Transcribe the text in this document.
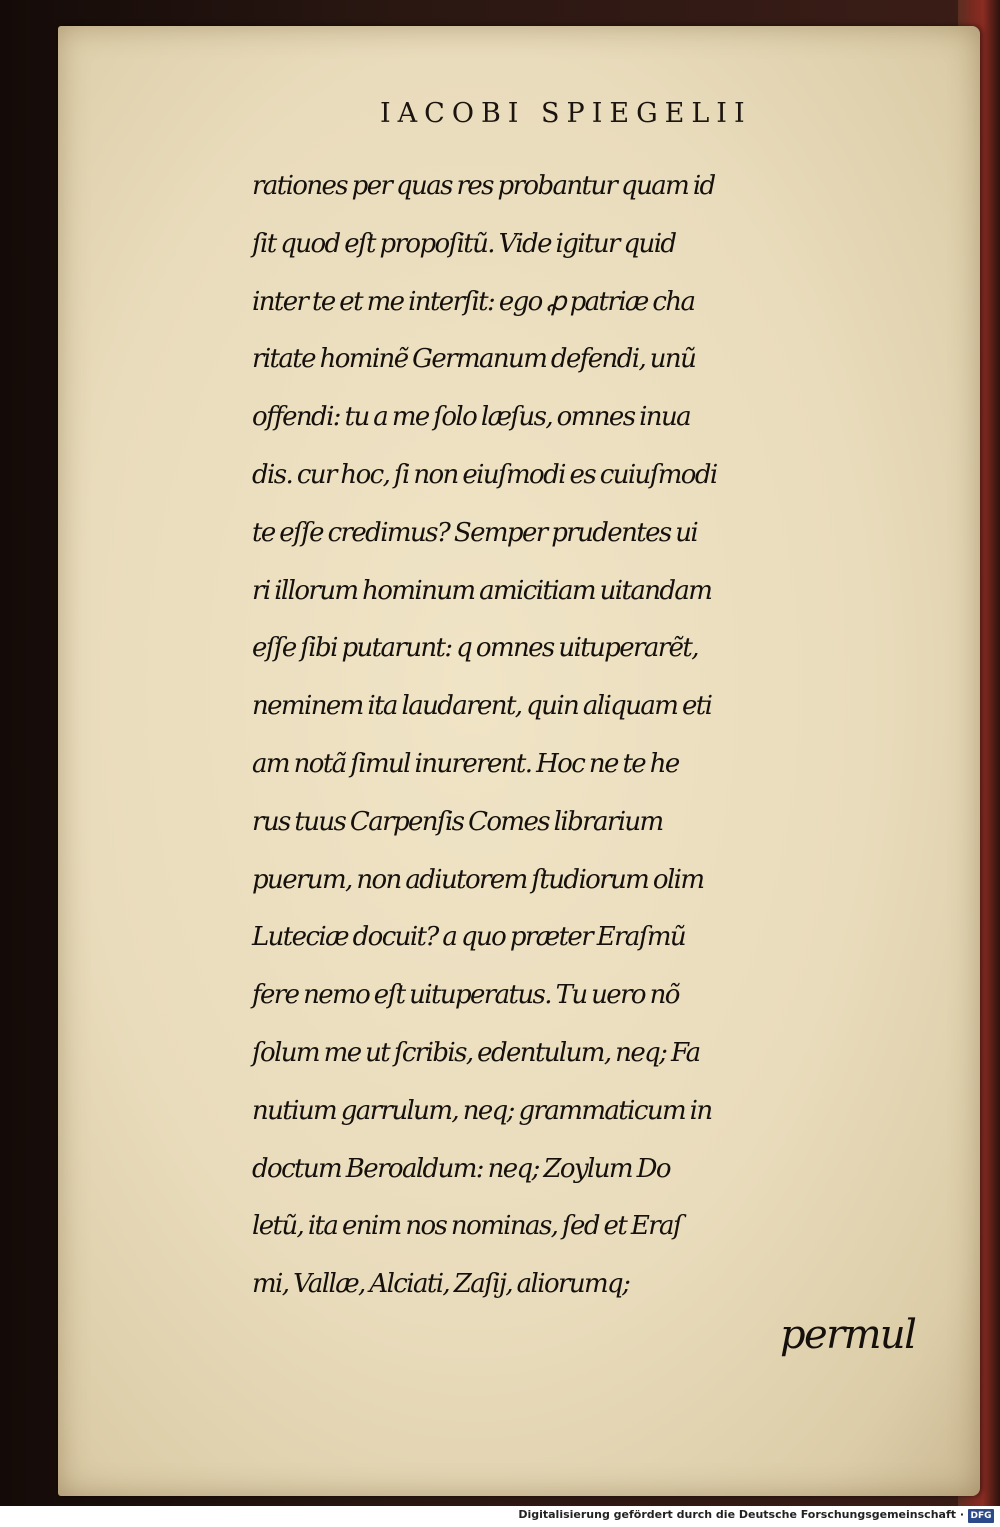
IACOBI SPIEGELII
rationes per quas res probantur quam id
ſit quod eſt propoſitũ. Vide igitur quid
inter te et me interſit: ego ꝓ patriæ cha
ritate hominẽ Germanum defendi, unũ
offendi: tu a me ſolo læſus, omnes inua
dis. cur hoc, ſi non eiuſmodi es cuiuſmodi
te eſſe credimus? Semper prudentes ui
ri illorum hominum amicitiam uitandam
eſſe ſibi putarunt: q omnes uituperarẽt,
neminem ita laudarent, quin aliquam eti
am notã ſimul inurerent. Hoc ne te he
rus tuus Carpenſis Comes librarium
puerum, non adiutorem ſtudiorum olim
Luteciæ docuit? a quo præter Eraſmũ
fere nemo eſt uituperatus. Tu uero nõ
ſolum me ut ſcribis, edentulum, neq; Fa
nutium garrulum, neq; grammaticum in
doctum Beroaldum: neq; Zoylum Do
letũ, ita enim nos nominas, ſed et Eraſ
mi, Vallæ, Alciati, Zaſij, aliorumq;
permul
Digitalisierung gefördert durch die Deutsche Forschungsgemeinschaft · DFG
